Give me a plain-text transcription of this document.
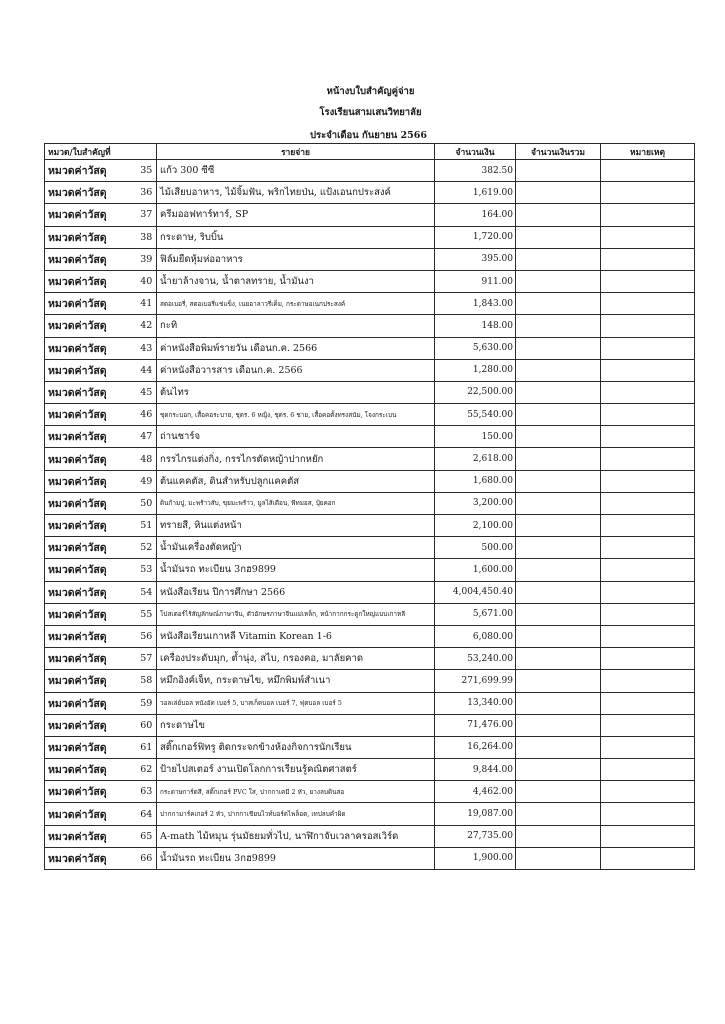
หน้างบใบสำคัญคู่จ่าย
โรงเรียนสามเสนวิทยาลัย
ประจำเดือน กันยายน 2566
หมวด/ใบสำคัญที่		รายจ่าย	จำนวนเงิน	จำนวนเงินรวม	หมายเหตุ
หมวดค่าวัสดุ	35	แก้ว 300 ซีซี	382.50		
หมวดค่าวัสดุ	36	ไม้เสียบอาหาร, ไม้จิ้มฟัน, พริกไทยป่น, แป้งเอนกประสงค์	1,619.00		
หมวดค่าวัสดุ	37	ครีมออฟทาร์ทาร์, SP	164.00		
หมวดค่าวัสดุ	38	กระดาษ, ริบบิ้น	1,720.00		
หมวดค่าวัสดุ	39	ฟิล์มยืดหุ้มห่ออาหาร	395.00		
หมวดค่าวัสดุ	40	น้ำยาล้างจาน, น้ำตาลทราย, น้ำมันงา	911.00		
หมวดค่าวัสดุ	41	สตอเบอรี่, สตอเบอรี่แช่แข็ง, เนยอาลาวรี่เค็ม, กระดาษอเนกประสงค์	1,843.00		
หมวดค่าวัสดุ	42	กะทิ	148.00		
หมวดค่าวัสดุ	43	ค่าหนังสือพิมพ์รายวัน เดือนก.ค. 2566	5,630.00		
หมวดค่าวัสดุ	44	ค่าหนังสือวารสาร เดือนก.ค. 2566	1,280.00		
หมวดค่าวัสดุ	45	ต้นไทร	22,500.00		
หมวดค่าวัสดุ	46	ชุดกระบอก, เสื้อคอระบาย, ชุดร. 6 หญิง, ชุดร. 6 ชาย, เสื้อคอตั้งทรงสนัม, โจงกระเบน	55,540.00		
หมวดค่าวัสดุ	47	ถ่านชาร์จ	150.00		
หมวดค่าวัสดุ	48	กรรไกรแต่งกิ่ง, กรรไกรตัดหญ้าปากหยัก	2,618.00		
หมวดค่าวัสดุ	49	ต้นแคคตัส, ดินสำหรับปลูกแคคตัส	1,680.00		
หมวดค่าวัสดุ	50	ดินก้ามปู, มะพร้าวสับ, ขุยมะพร้าว, มูลไส้เดือน, พีทมอส, ปุ๋ยคอก	3,200.00		
หมวดค่าวัสดุ	51	ทรายสี, หินแต่งหน้า	2,100.00		
หมวดค่าวัสดุ	52	น้ำมันเครื่องตัดหญ้า	500.00		
หมวดค่าวัสดุ	53	น้ำมันรถ ทะเบียน 3กฮ9899	1,600.00		
หมวดค่าวัสดุ	54	หนังสือเรียน ปีการศึกษา 2566	4,004,450.40		
หมวดค่าวัสดุ	55	โปสเตอร์ไร้สัญลักษณ์ภาษาจีน, ตัวอักษรภาษาจีนแม่เหล็ก, หน้ากากกระดูกใหญ่แบบเกาหลี	5,671.00		
หมวดค่าวัสดุ	56	หนังสือเรียนเกาหลี Vitamin Korean 1-6	6,080.00		
หมวดค่าวัสดุ	57	เครื่องประดับมุก, ต้ำนุ่ง, สไบ, กรองคอ, มาลัยคาด	53,240.00		
หมวดค่าวัสดุ	58	หมึกอิงค์เจ็ท, กระดาษไข, หมึกพิมพ์สำเนา	271,699.99		
หมวดค่าวัสดุ	59	วอลเล่ย์บอล หนังอัด เบอร์ 5, บาสเก็ตบอล เบอร์ 7, ฟุตบอล เบอร์ 5	13,340.00		
หมวดค่าวัสดุ	60	กระดาษไข	71,476.00		
หมวดค่าวัสดุ	61	สติ๊กเกอร์ฟิทรู ติดกระจกข้างห้องกิจการนักเรียน	16,264.00		
หมวดค่าวัสดุ	62	ป้ายไปสเตอร์ งานเปิดโลกการเรียนรู้คณิตศาสตร์	9,844.00		
หมวดค่าวัสดุ	63	กระดาษการ์ดสี, สติ๊กเกอร์ PVC ใส, ปากกาเคมี 2 หัว, ยางลบดินสอ	4,462.00		
หมวดค่าวัสดุ	64	ปากกามาร์คเกอร์ 2 หัว, ปากกาเขียนไวท์บอร์ดไพล็อต, เทปลบคำผิด	19,087.00		
หมวดค่าวัสดุ	65	A-math ไม้หมุน รุ่นมัธยมทั่วไป, นาฬิกาจับเวลาครอสเวิร์ด	27,735.00		
หมวดค่าวัสดุ	66	น้ำมันรถ ทะเบียน 3กฮ9899	1,900.00		
